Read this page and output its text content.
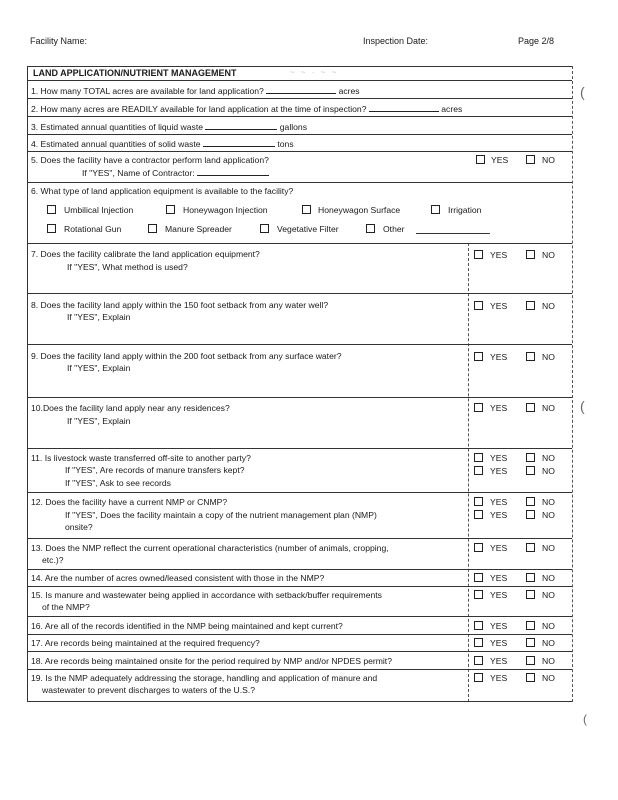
Facility Name:	Inspection Date:	Page 2/8
LAND APPLICATION/NUTRIENT MANAGEMENT	~ ~ · ~ ~
1. How many TOTAL acres are available for land application?	acres
2. How many acres are READILY available for land application at the time of inspection?	acres
3. Estimated annual quantities of liquid waste	gallons
4. Estimated annual quantities of solid waste	tons
5. Does the facility have a contractor perform land application?
If "YES", Name of Contractor:
YES	NO
6. What type of land application equipment is available to the facility?
Umbilical Injection	Honeywagon Injection	Honeywagon Surface	Irrigation
Rotational Gun	Manure Spreader	Vegetative Filter	Other
7. Does the facility calibrate the land application equipment?
If "YES", What method is used?
YES	NO
8. Does the facility land apply within the 150 foot setback from any water well?
If "YES", Explain
YES	NO
9. Does the facility land apply within the 200 foot setback from any surface water?
If "YES", Explain
YES	NO
10.Does the facility land apply near any residences?
If "YES", Explain
YES	NO
11. Is livestock waste transferred off-site to another party?
If "YES", Are records of manure transfers kept?
If "YES", Ask to see records
YES	NO
YES	NO
12. Does the facility have a current NMP or CNMP?
If "YES", Does the facility maintain a copy of the nutrient management plan (NMP)
onsite?
YES	NO
YES	NO
13. Does the NMP reflect the current operational characteristics (number of animals, cropping,
etc.)?
YES	NO
14. Are the number of acres owned/leased consistent with those in the NMP?	YES	NO
15. Is manure and wastewater being applied in accordance with setback/buffer requirements
of the NMP?
YES	NO
16. Are all of the records identified in the NMP being maintained and kept current?	YES	NO
17. Are records being maintained at the required frequency?	YES	NO
18. Are records being maintained onsite for the period required by NMP and/or NPDES permit?	YES	NO
19. Is the NMP adequately addressing the storage, handling and application of manure and
wastewater to prevent discharges to waters of the U.S.?
YES	NO
(
(
(
